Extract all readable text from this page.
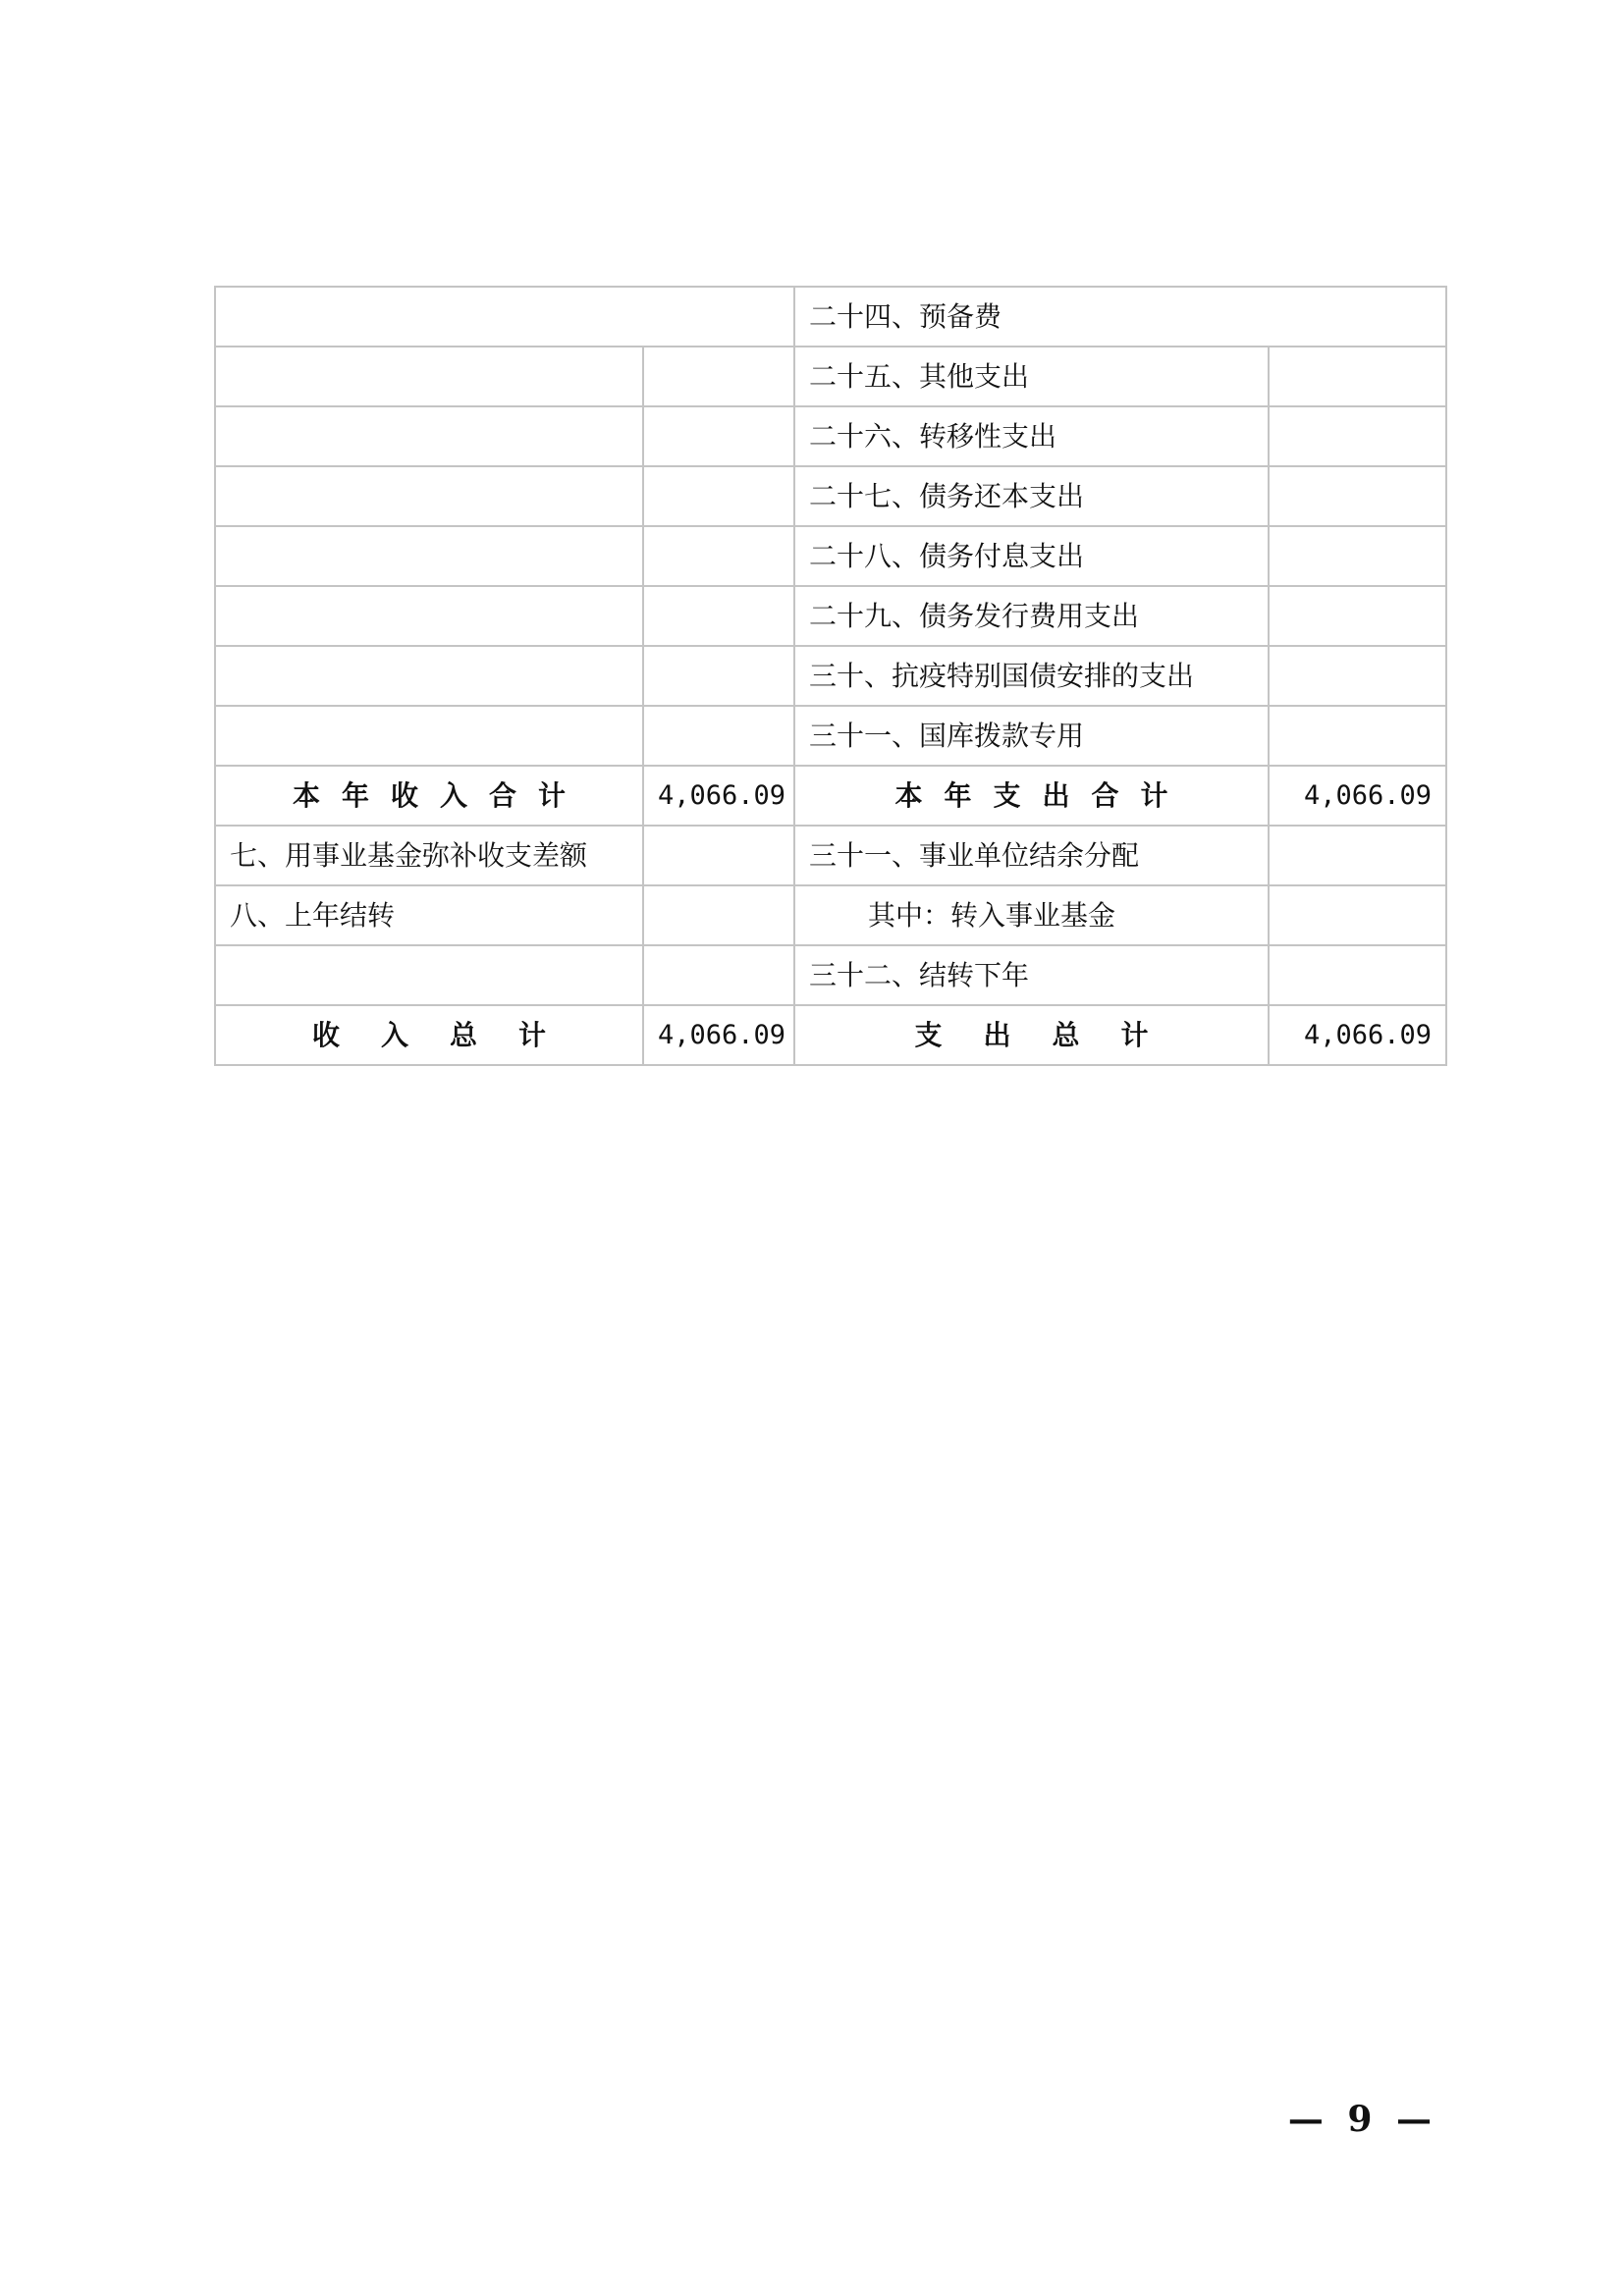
		二十四、预备费	
		二十五、其他支出	
		二十六、转移性支出	
		二十七、债务还本支出	
		二十八、债务付息支出	
		二十九、债务发行费用支出	
		三十、抗疫特别国债安排的支出	
		三十一、国库拨款专用	
本年收入合计	4,066.09	本年支出合计	4,066.09
七、用事业基金弥补收支差额		三十一、事业单位结余分配	
八、上年结转		其中：转入事业基金	
		三十二、结转下年	
收入总计	4,066.09	支出总计	4,066.09
— 9 —
